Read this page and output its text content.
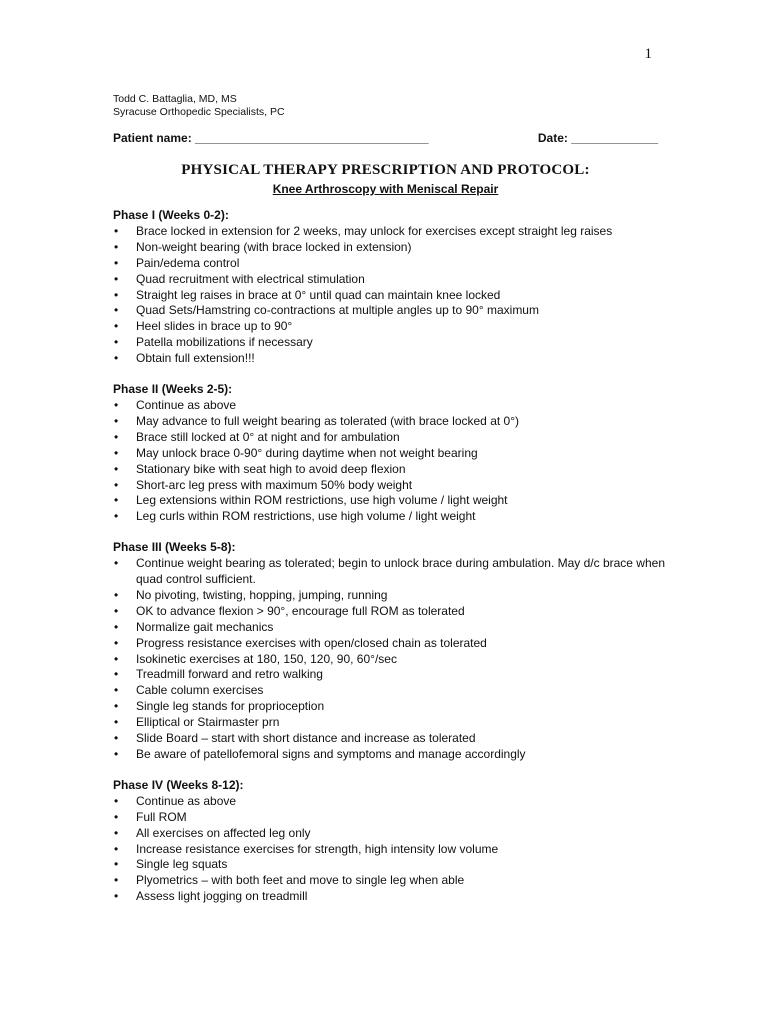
1
Todd C. Battaglia, MD, MS
Syracuse Orthopedic Specialists, PC
Patient name: ___________________________________	Date: _____________
PHYSICAL THERAPY PRESCRIPTION AND PROTOCOL:
Knee Arthroscopy with Meniscal Repair
Phase I (Weeks 0-2):
• Brace locked in extension for 2 weeks, may unlock for exercises except straight leg raises
• Non-weight bearing (with brace locked in extension)
• Pain/edema control
• Quad recruitment with electrical stimulation
• Straight leg raises in brace at 0° until quad can maintain knee locked
• Quad Sets/Hamstring co-contractions at multiple angles up to 90° maximum
• Heel slides in brace up to 90°
• Patella mobilizations if necessary
• Obtain full extension!!!
Phase II (Weeks 2-5):
• Continue as above
• May advance to full weight bearing as tolerated (with brace locked at 0°)
• Brace still locked at 0° at night and for ambulation
• May unlock brace 0-90° during daytime when not weight bearing
• Stationary bike with seat high to avoid deep flexion
• Short-arc leg press with maximum 50% body weight
• Leg extensions within ROM restrictions, use high volume / light weight
• Leg curls within ROM restrictions, use high volume / light weight
Phase III (Weeks 5-8):
• Continue weight bearing as tolerated; begin to unlock brace during ambulation. May d/c brace when quad control sufficient.
• No pivoting, twisting, hopping, jumping, running
• OK to advance flexion > 90°, encourage full ROM as tolerated
• Normalize gait mechanics
• Progress resistance exercises with open/closed chain as tolerated
• Isokinetic exercises at 180, 150, 120, 90, 60°/sec
• Treadmill forward and retro walking
• Cable column exercises
• Single leg stands for proprioception
• Elliptical or Stairmaster prn
• Slide Board – start with short distance and increase as tolerated
• Be aware of patellofemoral signs and symptoms and manage accordingly
Phase IV (Weeks 8-12):
• Continue as above
• Full ROM
• All exercises on affected leg only
• Increase resistance exercises for strength, high intensity low volume
• Single leg squats
• Plyometrics – with both feet and move to single leg when able
• Assess light jogging on treadmill
